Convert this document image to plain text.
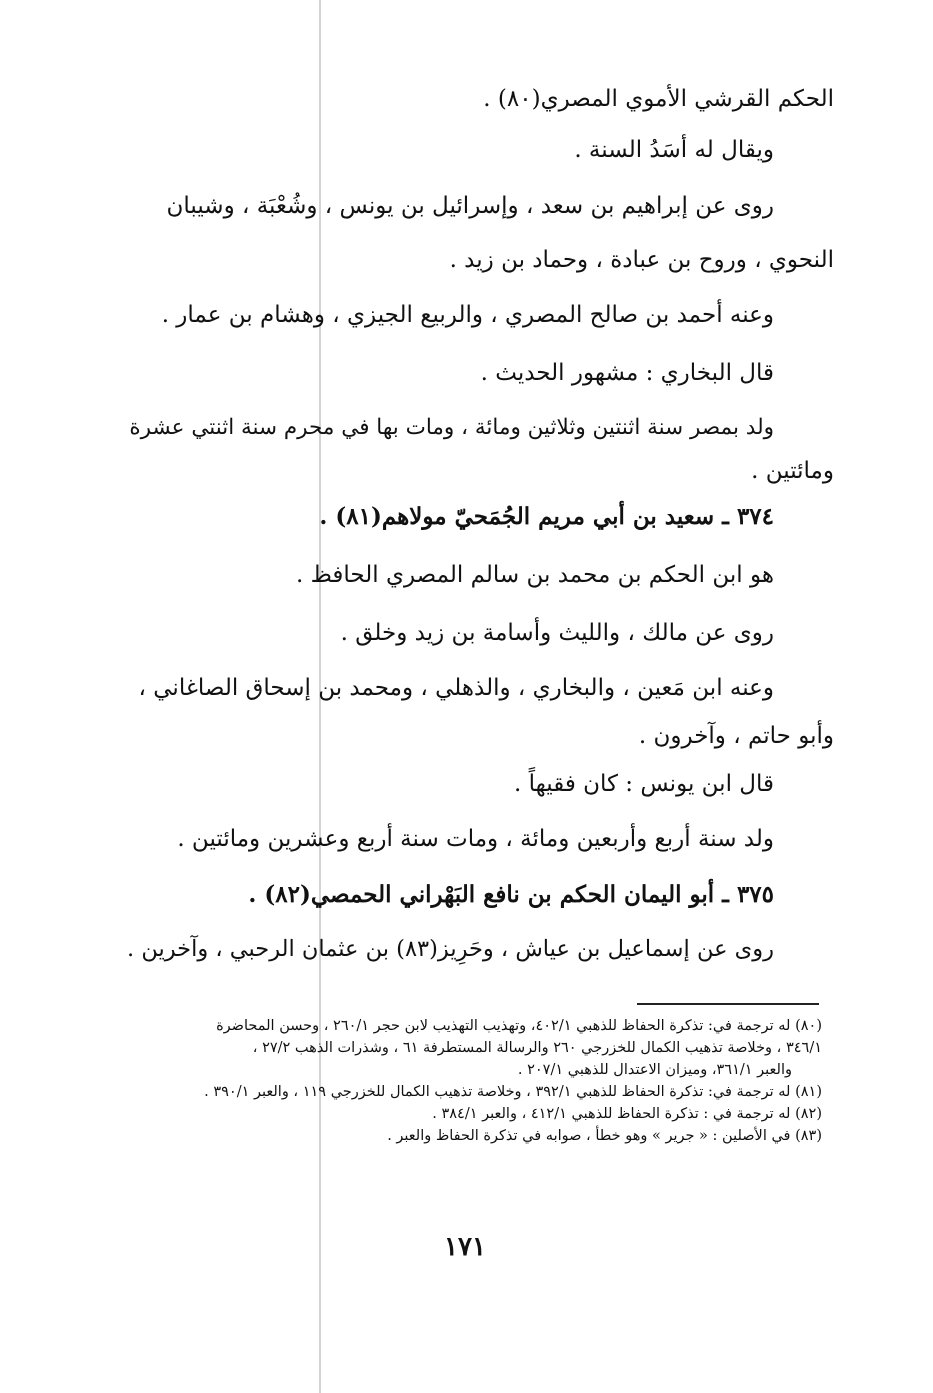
الحكم القرشي الأموي المصري(٨٠) .

ويقال له أسَدُ السنة .

روى عن إبراهيم بن سعد ، وإسرائيل بن يونس ، وشُعْبَة ، وشيبان

النحوي ، وروح بن عبادة ، وحماد بن زيد .

وعنه أحمد بن صالح المصري ، والربيع الجيزي ، وهشام بن عمار .

قال البخاري : مشهور الحديث .

ولد بمصر سنة اثنتين وثلاثين ومائة ، ومات بها في محرم سنة اثنتي عشرة

ومائتين .

٣٧٤ ـ سعيد بن أبي مريم الجُمَحيّ مولاهم(٨١) .

هو ابن الحكم بن محمد بن سالم المصري الحافظ .

روى عن مالك ، والليث وأسامة بن زيد وخلق .

وعنه ابن مَعين ، والبخاري ، والذهلي ، ومحمد بن إسحاق الصاغاني ،

وأبو حاتم ، وآخرون .

قال ابن يونس : كان فقيهاً .

ولد سنة أربع وأربعين ومائة ، ومات سنة أربع وعشرين ومائتين .

٣٧٥ ـ أبو اليمان الحكم بن نافع البَهْراني الحمصي(٨٢) .

روى عن إسماعيل بن عياش ، وحَرِيز(٨٣) بن عثمان الرحبي ، وآخرين .

(٨٠) له ترجمة في: تذكرة الحفاظ للذهبي ٤٠٢/١، وتهذيب التهذيب لابن حجر ٢٦٠/١ ، وحسن المحاضرة

٣٤٦/١ ، وخلاصة تذهيب الكمال للخزرجي ٢٦٠ والرسالة المستطرفة ٦١ ، وشذرات الذهب ٢٧/٢ ،

والعبر ٣٦١/١، وميزان الاعتدال للذهبي ٢٠٧/١ .

(٨١) له ترجمة في: تذكرة الحفاظ للذهبي ٣٩٢/١ ، وخلاصة تذهيب الكمال للخزرجي ١١٩ ، والعبر ٣٩٠/١ .

(٨٢) له ترجمة في : تذكرة الحفاظ للذهبي ٤١٢/١ ، والعبر ٣٨٤/١ .

(٨٣) في الأصلين : « جرير » وهو خطأ ، صوابه في تذكرة الحفاظ والعبر .

١٧١
